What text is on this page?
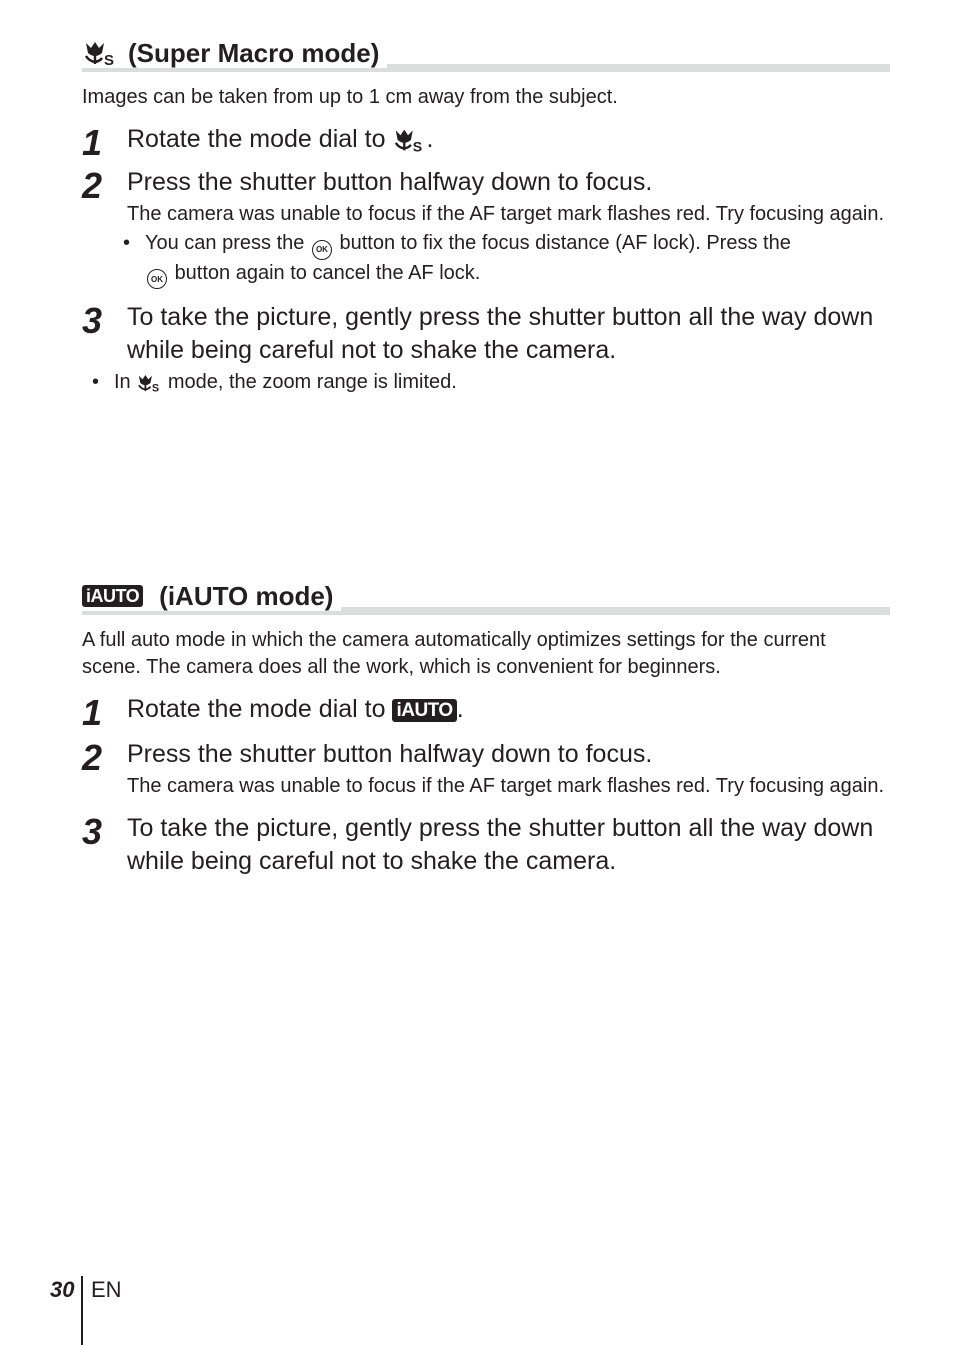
S (Super Macro mode)

Images can be taken from up to 1 cm away from the subject.

1 Rotate the mode dial to S .
2 Press the shutter button halfway down to focus.
The camera was unable to focus if the AF target mark flashes red. Try focusing again.
• You can press the OK button to fix the focus distance (AF lock). Press the
OK button again to cancel the AF lock.
3 To take the picture, gently press the shutter button all the way down while being careful not to shake the camera.
• In S mode, the zoom range is limited.
iAUTO (iAUTO mode)

A full auto mode in which the camera automatically optimizes settings for the current scene. The camera does all the work, which is convenient for beginners.

1 Rotate the mode dial to iAUTO .
2 Press the shutter button halfway down to focus.
The camera was unable to focus if the AF target mark flashes red. Try focusing again.
3 To take the picture, gently press the shutter button all the way down while being careful not to shake the camera.
30 EN
